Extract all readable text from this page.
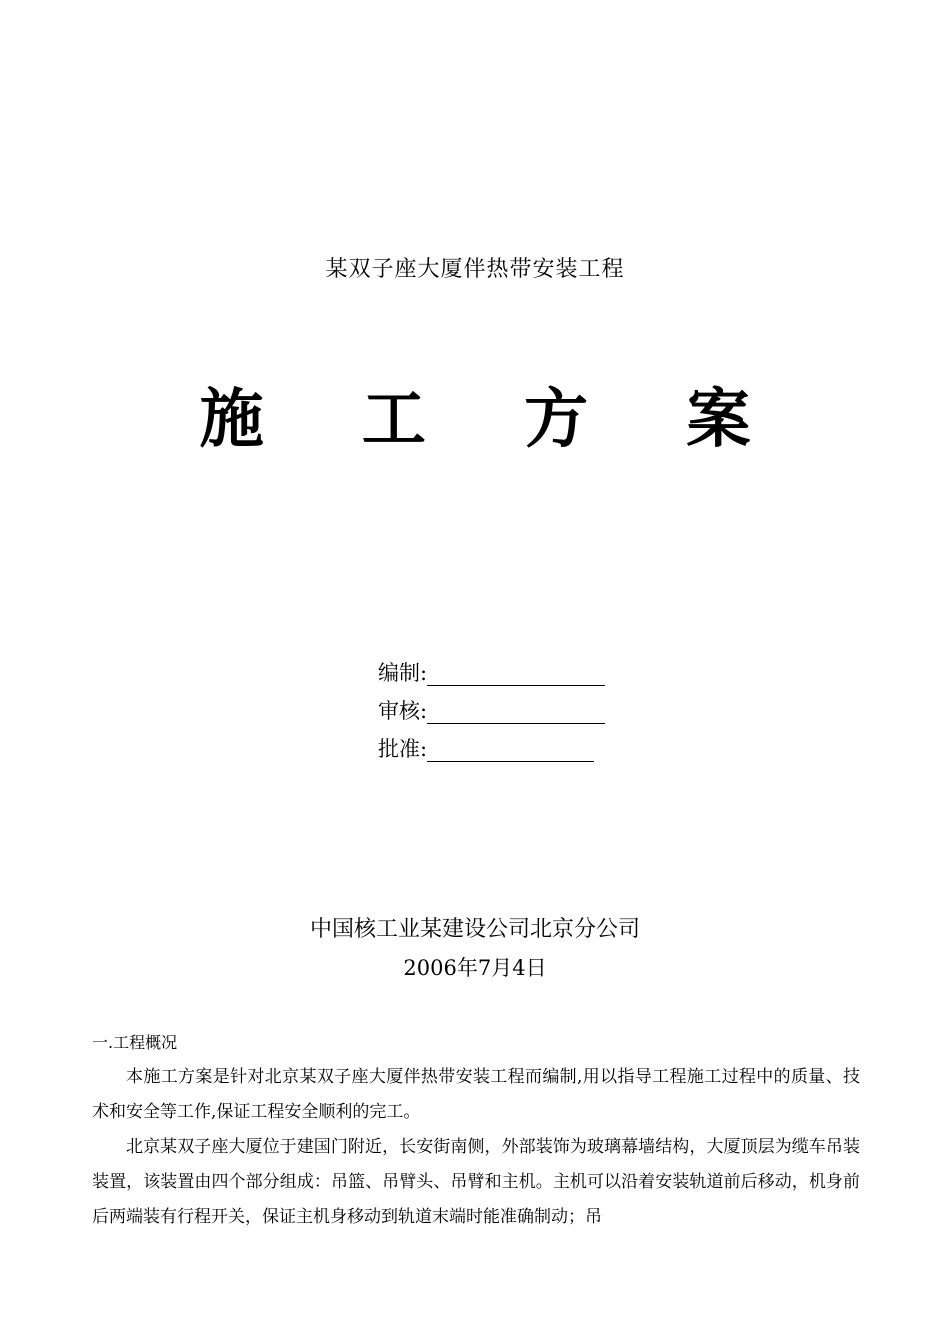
某双子座大厦伴热带安装工程
施 工 方 案
编制:
审核:
批准:
中国核工业某建设公司北京分公司
2006年7月4日
一.工程概况

本施工方案是针对北京某双子座大厦伴热带安装工程而编制,用以指导工程施工过程中的质量、技术和安全等工作,保证工程安全顺利的完工。

北京某双子座大厦位于建国门附近，长安街南侧，外部装饰为玻璃幕墙结构，大厦顶层为缆车吊装装置，该装置由四个部分组成：吊篮、吊臂头、吊臂和主机。主机可以沿着安装轨道前后移动，机身前后两端装有行程开关，保证主机身移动到轨道末端时能准确制动；吊
